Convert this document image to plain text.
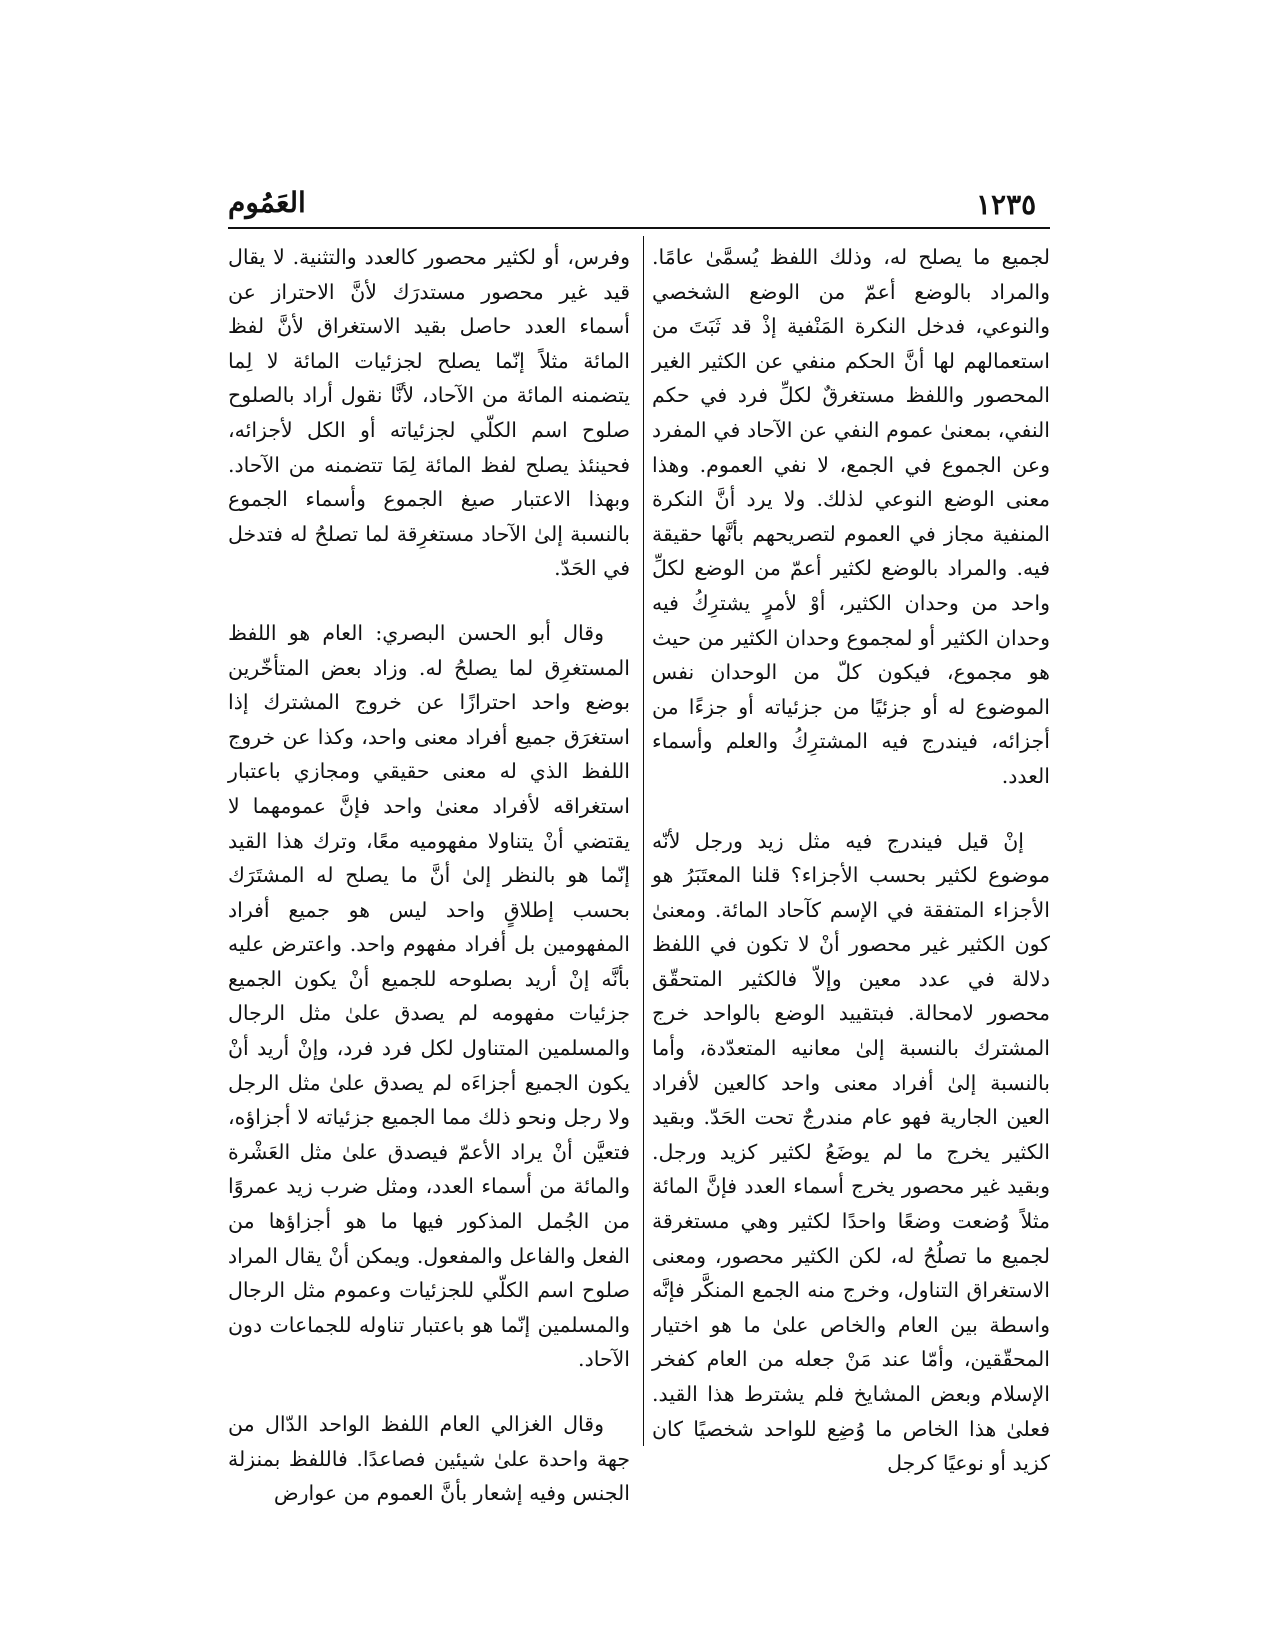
١٢٣٥
العَمُوم

لجميع ما يصلح له، وذلك اللفظ يُسمَّىٰ عامًا. والمراد بالوضع أعمّ من الوضع الشخصي والنوعي، فدخل النكرة المَنْفية إذْ قد ثَبَتَ من استعمالهم لها أنَّ الحكم منفي عن الكثير الغير المحصور واللفظ مستغرقٌ لكلِّ فرد في حكم النفي، بمعنىٰ عموم النفي عن الآحاد في المفرد وعن الجموع في الجمع، لا نفي العموم. وهذا معنى الوضع النوعي لذلك. ولا يرد أنَّ النكرة المنفية مجاز في العموم لتصريحهم بأنَّها حقيقة فيه. والمراد بالوضع لكثير أعمّ من الوضع لكلِّ واحد من وحدان الكثير، أوْ لأمرٍ يشترِكُ فيه وحدان الكثير أو لمجموع وحدان الكثير من حيث هو مجموع، فيكون كلّ من الوحدان نفس الموضوع له أو جزئيًا من جزئياته أو جزءًا من أجزائه، فيندرج فيه المشترِكُ والعلم وأسماء العدد.

إنْ قيل فيندرج فيه مثل زيد ورجل لأنّه موضوع لكثير بحسب الأجزاء؟ قلنا المعتَبَرُ هو الأجزاء المتفقة في الإسم كآحاد المائة. ومعنىٰ كون الكثير غير محصور أنْ لا تكون في اللفظ دلالة في عدد معين وإلاّ فالكثير المتحقّق محصور لامحالة. فبتقييد الوضع بالواحد خرج المشترك بالنسبة إلىٰ معانيه المتعدّدة، وأما بالنسبة إلىٰ أفراد معنى واحد كالعين لأفراد العين الجارية فهو عام مندرجٌ تحت الحَدّ. وبقيد الكثير يخرج ما لم يوضَعُ لكثير كزيد ورجل. وبقيد غير محصور يخرج أسماء العدد فإنَّ المائة مثلاً وُضعت وضعًا واحدًا لكثير وهي مستغرقة لجميع ما تصلُحُ له، لكن الكثير محصور، ومعنى الاستغراق التناول، وخرج منه الجمع المنكَّر فإنَّه واسطة بين العام والخاص علىٰ ما هو اختيار المحقّقين، وأمّا عند مَنْ جعله من العام كفخر الإسلام وبعض المشايخ فلم يشترط هذا القيد. فعلىٰ هذا الخاص ما وُضِع للواحد شخصيًا كان كزيد أو نوعيًا كرجل

وفرس، أو لكثير محصور كالعدد والتثنية. لا يقال قيد غير محصور مستدرَك لأنَّ الاحتراز عن أسماء العدد حاصل بقيد الاستغراق لأنَّ لفظ المائة مثلاً إنّما يصلح لجزئيات المائة لا لِما يتضمنه المائة من الآحاد، لأنَّا نقول أراد بالصلوح صلوح اسم الكلّي لجزئياته أو الكل لأجزائه، فحينئذ يصلح لفظ المائة لِمَا تتضمنه من الآحاد. وبهذا الاعتبار صيغ الجموع وأسماء الجموع بالنسبة إلىٰ الآحاد مستغرِقة لما تصلحُ له فتدخل في الحَدّ.

وقال أبو الحسن البصري: العام هو اللفظ المستغرِق لما يصلحُ له. وزاد بعض المتأخّرين بوضع واحد احترازًا عن خروج المشترك إذا استغرَق جميع أفراد معنى واحد، وكذا عن خروج اللفظ الذي له معنى حقيقي ومجازي باعتبار استغراقه لأفراد معنىٰ واحد فإنَّ عمومهما لا يقتضي أنْ يتناولا مفهوميه معًا، وترك هذا القيد إنّما هو بالنظر إلىٰ أنَّ ما يصلح له المشتَرَك بحسب إطلاقٍ واحد ليس هو جميع أفراد المفهومين بل أفراد مفهوم واحد. واعترض عليه بأنَّه إنْ أريد بصلوحه للجميع أنْ يكون الجميع جزئيات مفهومه لم يصدق علىٰ مثل الرجال والمسلمين المتناول لكل فرد فرد، وإنْ أريد أنْ يكون الجميع أجزاءَه لم يصدق علىٰ مثل الرجل ولا رجل ونحو ذلك مما الجميع جزئياته لا أجزاؤه، فتعيَّن أنْ يراد الأعمّ فيصدق علىٰ مثل العَشْرة والمائة من أسماء العدد، ومثل ضرب زيد عمروًا من الجُمل المذكور فيها ما هو أجزاؤها من الفعل والفاعل والمفعول. ويمكن أنْ يقال المراد صلوح اسم الكلّي للجزئيات وعموم مثل الرجال والمسلمين إنّما هو باعتبار تناوله للجماعات دون الآحاد.

وقال الغزالي العام اللفظ الواحد الدّال من جهة واحدة علىٰ شيئين فصاعدًا. فاللفظ بمنزلة الجنس وفيه إشعار بأنَّ العموم من عوارض
